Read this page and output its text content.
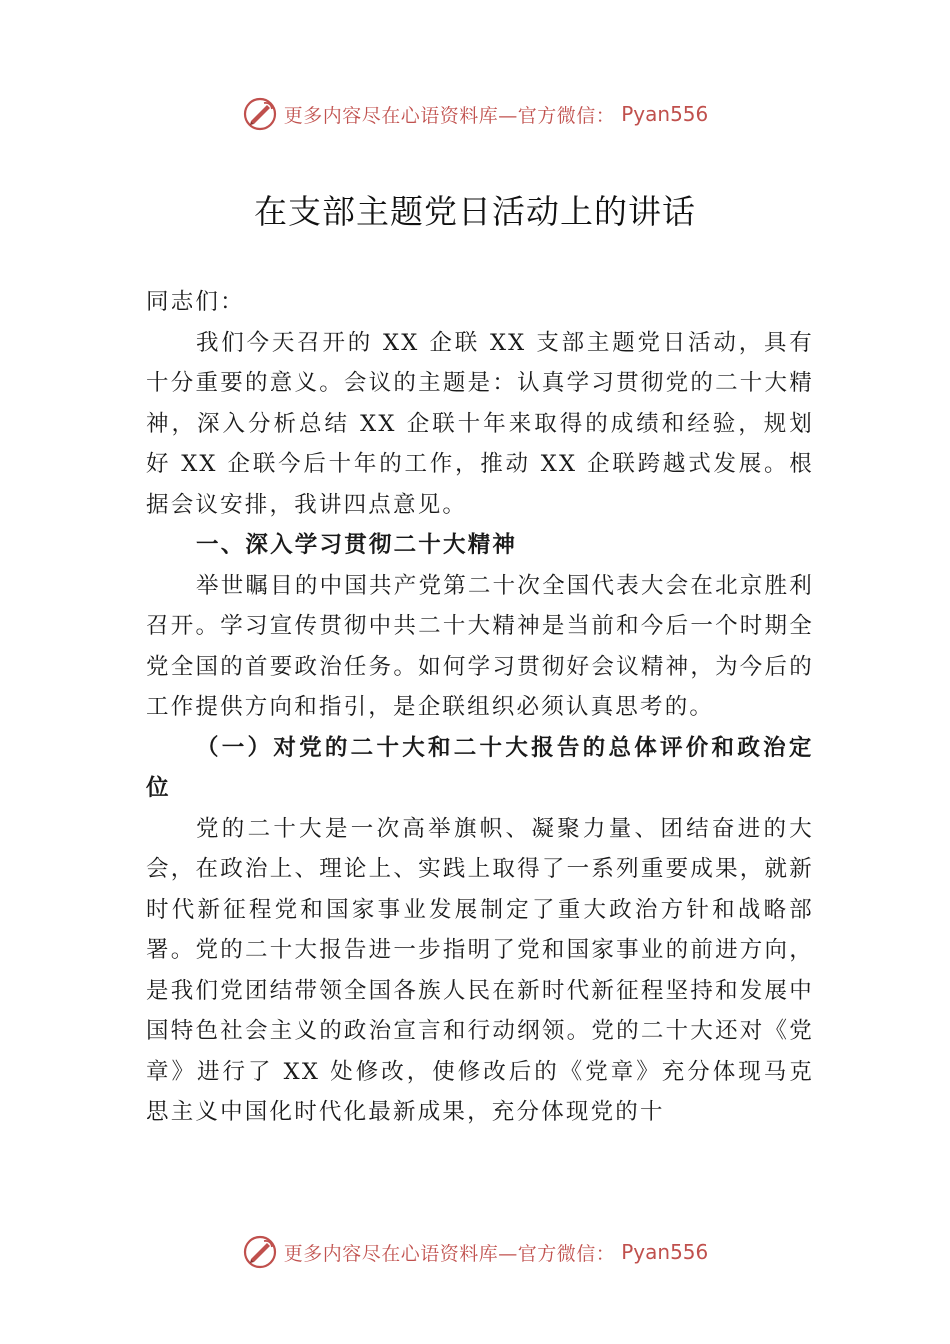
更多内容尽在心语资料库—官方微信： Pyan556
在支部主题党日活动上的讲话

同志们：

我们今天召开的 XX 企联 XX 支部主题党日活动，具有十分重要的意义。会议的主题是：认真学习贯彻党的二十大精神，深入分析总结 XX 企联十年来取得的成绩和经验，规划好 XX 企联今后十年的工作，推动 XX 企联跨越式发展。根据会议安排，我讲四点意见。

一、深入学习贯彻二十大精神

举世瞩目的中国共产党第二十次全国代表大会在北京胜利召开。学习宣传贯彻中共二十大精神是当前和今后一个时期全党全国的首要政治任务。如何学习贯彻好会议精神，为今后的工作提供方向和指引，是企联组织必须认真思考的。

（一）对党的二十大和二十大报告的总体评价和政治定位

党的二十大是一次高举旗帜、凝聚力量、团结奋进的大会，在政治上、理论上、实践上取得了一系列重要成果，就新时代新征程党和国家事业发展制定了重大政治方针和战略部署。党的二十大报告进一步指明了党和国家事业的前进方向，是我们党团结带领全国各族人民在新时代新征程坚持和发展中国特色社会主义的政治宣言和行动纲领。党的二十大还对《党章》进行了 XX 处修改，使修改后的《党章》充分体现马克思主义中国化时代化最新成果，充分体现党的十

更多内容尽在心语资料库—官方微信： Pyan556
